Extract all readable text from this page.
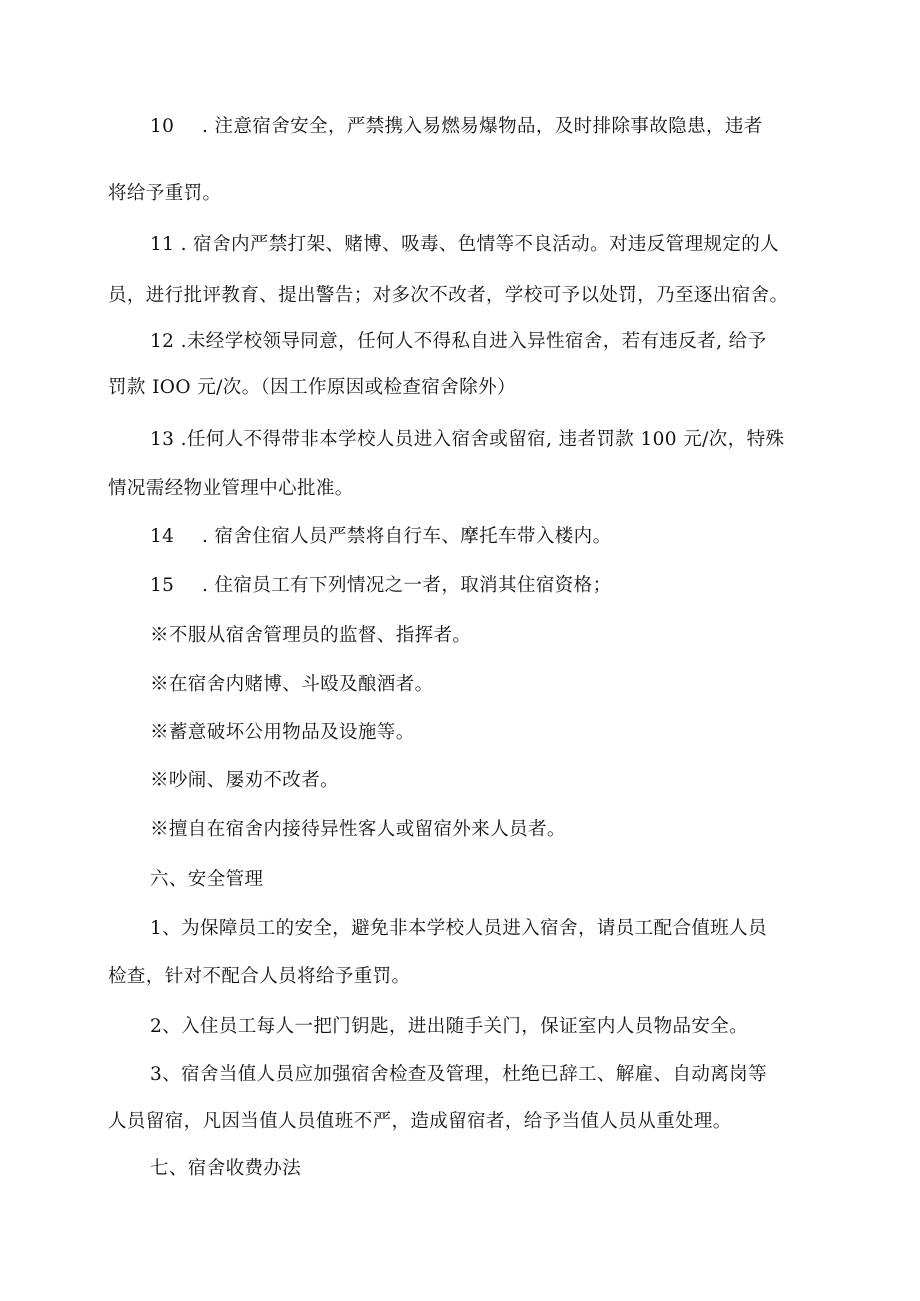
10 . 注意宿舍安全，严禁携入易燃易爆物品，及时排除事故隐患，违者
将给予重罚。
11 . 宿舍内严禁打架、赌博、吸毒、色情等不良活动。对违反管理规定的人
员，进行批评教育、提出警告；对多次不改者，学校可予以处罚，乃至逐出宿舍。
12 .未经学校领导同意，任何人不得私自进入异性宿舍，若有违反者, 给予
罚款 IOO 元/次。（因工作原因或检查宿舍除外）
13 .任何人不得带非本学校人员进入宿舍或留宿, 违者罚款 100 元/次，特殊
情况需经物业管理中心批准。
14 . 宿舍住宿人员严禁将自行车、摩托车带入楼内。
15 . 住宿员工有下列情况之一者，取消其住宿资格；
※不服从宿舍管理员的监督、指挥者。
※在宿舍内赌博、斗殴及酿酒者。
※蓄意破坏公用物品及设施等。
※吵闹、屡劝不改者。
※擅自在宿舍内接待异性客人或留宿外来人员者。
六、安全管理
1、为保障员工的安全，避免非本学校人员进入宿舍，请员工配合值班人员
检查，针对不配合人员将给予重罚。
2、入住员工每人一把门钥匙，进出随手关门，保证室内人员物品安全。
3、宿舍当值人员应加强宿舍检查及管理，杜绝已辞工、解雇、自动离岗等
人员留宿，凡因当值人员值班不严，造成留宿者，给予当值人员从重处理。
七、宿舍收费办法
